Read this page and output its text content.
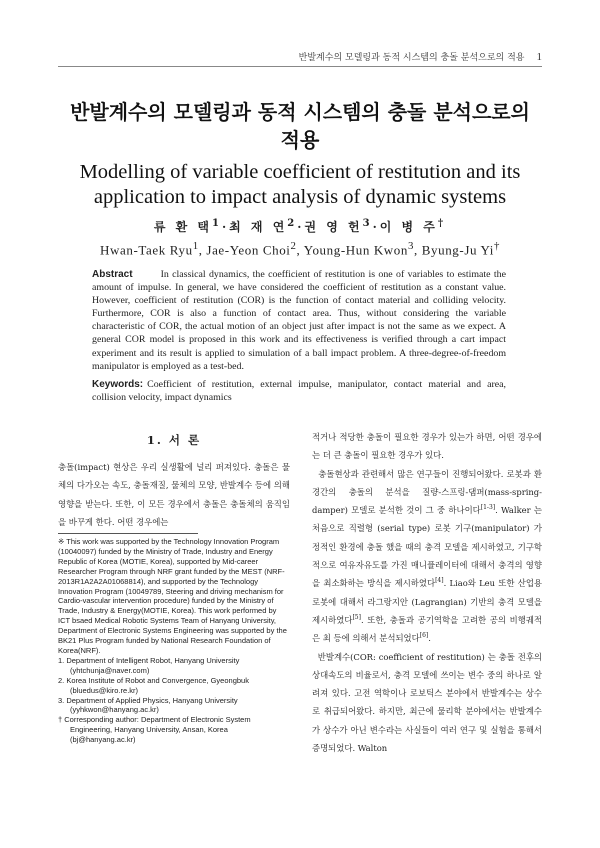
반발계수의 모델링과 동적 시스템의 충돌 분석으로의 적용 1
반발계수의 모델링과 동적 시스템의 충돌 분석으로의
적용
Modelling of variable coefficient of restitution and its
application to impact analysis of dynamic systems
류 환 택$^1$·최 재 연$^2$·권 영 헌$^3$·이 병 주†
Hwan-Taek Ryu$^1$, Jae-Yeon Choi$^2$, Young-Hun Kwon$^3$, Byung-Ju Yi†
Abstract	In classical dynamics, the coefficient of restitution is one of variables to estimate the amount of impulse. In general, we have considered the coefficient of restitution as a constant value. However, coefficient of restitution (COR) is the function of contact material and colliding velocity. Furthermore, COR is also a function of contact area. Thus, without considering the variable characteristic of COR, the actual motion of an object just after impact is not the same as we expect. A general COR model is proposed in this work and its effectiveness is verified through a cart impact experiment and its result is applied to simulation of a ball impact problem. A three-degree-of-freedom manipulator is employed as a test-bed.
Keywords: Coefficient of restitution, external impulse, manipulator, contact material and area, collision velocity, impact dynamics
1. 서 론

충돌(impact) 현상은 우리 실생활에 널리 퍼져있다. 충돌은 물체의 다가오는 속도, 충돌재질, 물체의 모양, 반발계수 등에 의해 영향을 받는다. 또한, 이 모든 경우에서 충돌은 충돌체의 움직임을 바꾸게 한다. 어떤 경우에는

※ This work was supported by the Technology Innovation Program (10040097) funded by the Ministry of Trade, Industry and Energy Republic of Korea (MOTIE, Korea), supported by Mid-career Researcher Program through NRF grant funded by the MEST (NRF-2013R1A2A2A01068814), and supported by the Technology Innovation Program (10049789, Steering and driving mechanism for Cardio-vascular intervention procedure) funded by the Ministry of Trade, Industry & Energy(MOTIE, Korea). This work performed by ICT bsaed Medical Robotic Systems Team of Hanyang University, Department of Electronic Systems Engineering was supported by the BK21 Plus Program funded by National Research Foundation of Korea(NRF).

1. Department of Intelligent Robot, Hanyang University

(yhtchunja@naver.com)

2. Korea Institute of Robot and Convergence, Gyeongbuk

(bluedus@kiro.re.kr)

3. Department of Applied Physics, Hanyang University

(yyhkwon@hanyang.ac.kr)

† Corresponding author: Department of Electronic System

Engineering, Hanyang University, Ansan, Korea

(bj@hanyang.ac.kr)

적거나 적당한 충돌이 필요한 경우가 있는가 하면, 어떤 경우에는 더 큰 충돌이 필요한 경우가 있다.

충돌현상과 관련해서 많은 연구들이 진행되어왔다. 로봇과 환경간의 충돌의 분석을 질량-스프링-댐퍼(mass-spring-damper) 모델로 분석한 것이 그 중 하나이다[1-3]. Walker 는 처음으로 직렬형 (serial type) 로봇 기구(manipulator) 가 정적인 환경에 충돌 했을 때의 충격 모델을 제시하였고, 기구학적으로 여유자유도를 가진 매니퓰레이터에 대해서 충격의 영향을 최소화하는 방식을 제시하였다[4]. Liao와 Leu 또한 산업용 로봇에 대해서 라그랑지안 (Lagrangian) 기반의 충격 모델을 제시하였다[5]. 또한, 충돌과 공기역학을 고려한 공의 비행궤적은 최 등에 의해서 분석되었다[6].

반발계수(COR: coefficient of restitution) 는 충돌 전후의 상대속도의 비율로서, 충격 모델에 쓰이는 변수 중의 하나로 알려져 있다. 고전 역학이나 로보틱스 분야에서 반발계수는 상수로 취급되어왔다. 하지만, 최근에 물리학 분야에서는 반발계수가 상수가 아닌 변수라는 사실들이 여러 연구 및 실험을 통해서 증명되었다. Walton
